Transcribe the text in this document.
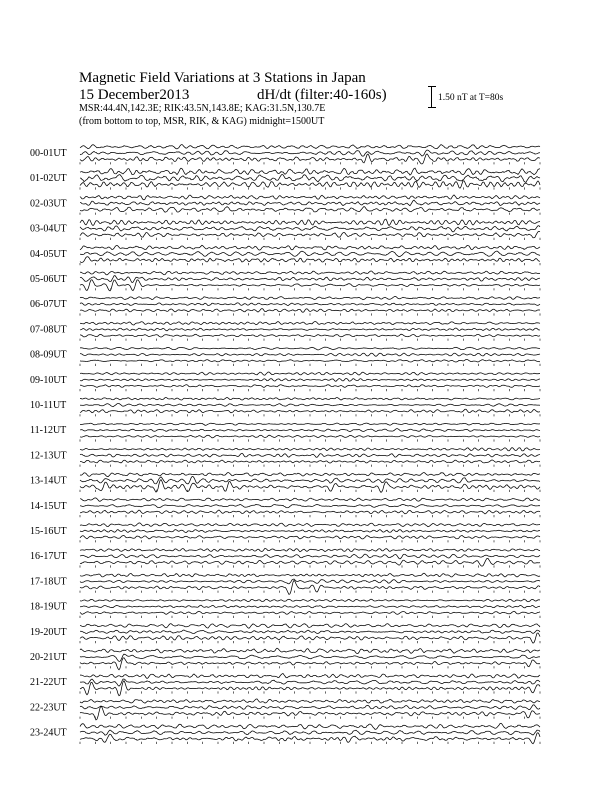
Magnetic Field Variations at 3 Stations in Japan
15 December2013	dH/dt (filter:40-160s)
MSR:44.4N,142.3E; RIK:43.5N,143.8E; KAG:31.5N,130.7E
(from bottom to top, MSR, RIK, & KAG) midnight=1500UT
1.50 nT at T=80s
00-01UT
01-02UT
02-03UT
03-04UT
04-05UT
05-06UT
06-07UT
07-08UT
08-09UT
09-10UT
10-11UT
11-12UT
12-13UT
13-14UT
14-15UT
15-16UT
16-17UT
17-18UT
18-19UT
19-20UT
20-21UT
21-22UT
22-23UT
23-24UT
